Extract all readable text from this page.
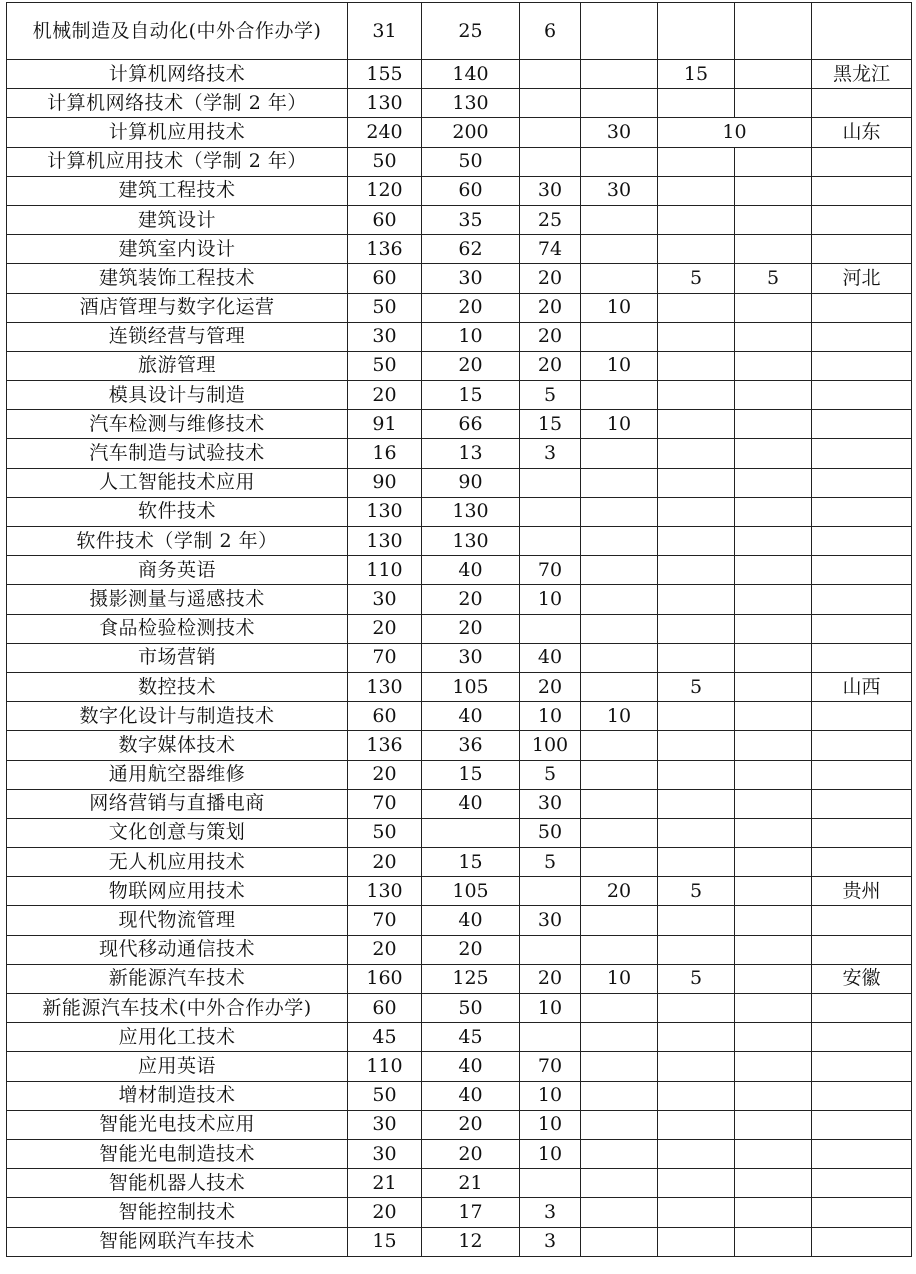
机械制造及自动化(中外合作办学)	31	25	6				
计算机网络技术	155	140			15		黑龙江
计算机网络技术（学制 2 年）	130	130					
计算机应用技术	240	200		30	10		山东
计算机应用技术（学制 2 年）	50	50					
建筑工程技术	120	60	30	30			
建筑设计	60	35	25				
建筑室内设计	136	62	74				
建筑装饰工程技术	60	30	20		5	5	河北
酒店管理与数字化运营	50	20	20	10			
连锁经营与管理	30	10	20				
旅游管理	50	20	20	10			
模具设计与制造	20	15	5				
汽车检测与维修技术	91	66	15	10			
汽车制造与试验技术	16	13	3				
人工智能技术应用	90	90					
软件技术	130	130					
软件技术（学制 2 年）	130	130					
商务英语	110	40	70				
摄影测量与遥感技术	30	20	10				
食品检验检测技术	20	20					
市场营销	70	30	40				
数控技术	130	105	20		5		山西
数字化设计与制造技术	60	40	10	10			
数字媒体技术	136	36	100				
通用航空器维修	20	15	5				
网络营销与直播电商	70	40	30				
文化创意与策划	50		50				
无人机应用技术	20	15	5				
物联网应用技术	130	105		20	5		贵州
现代物流管理	70	40	30				
现代移动通信技术	20	20					
新能源汽车技术	160	125	20	10	5		安徽
新能源汽车技术(中外合作办学)	60	50	10				
应用化工技术	45	45					
应用英语	110	40	70				
增材制造技术	50	40	10				
智能光电技术应用	30	20	10				
智能光电制造技术	30	20	10				
智能机器人技术	21	21					
智能控制技术	20	17	3				
智能网联汽车技术	15	12	3				
